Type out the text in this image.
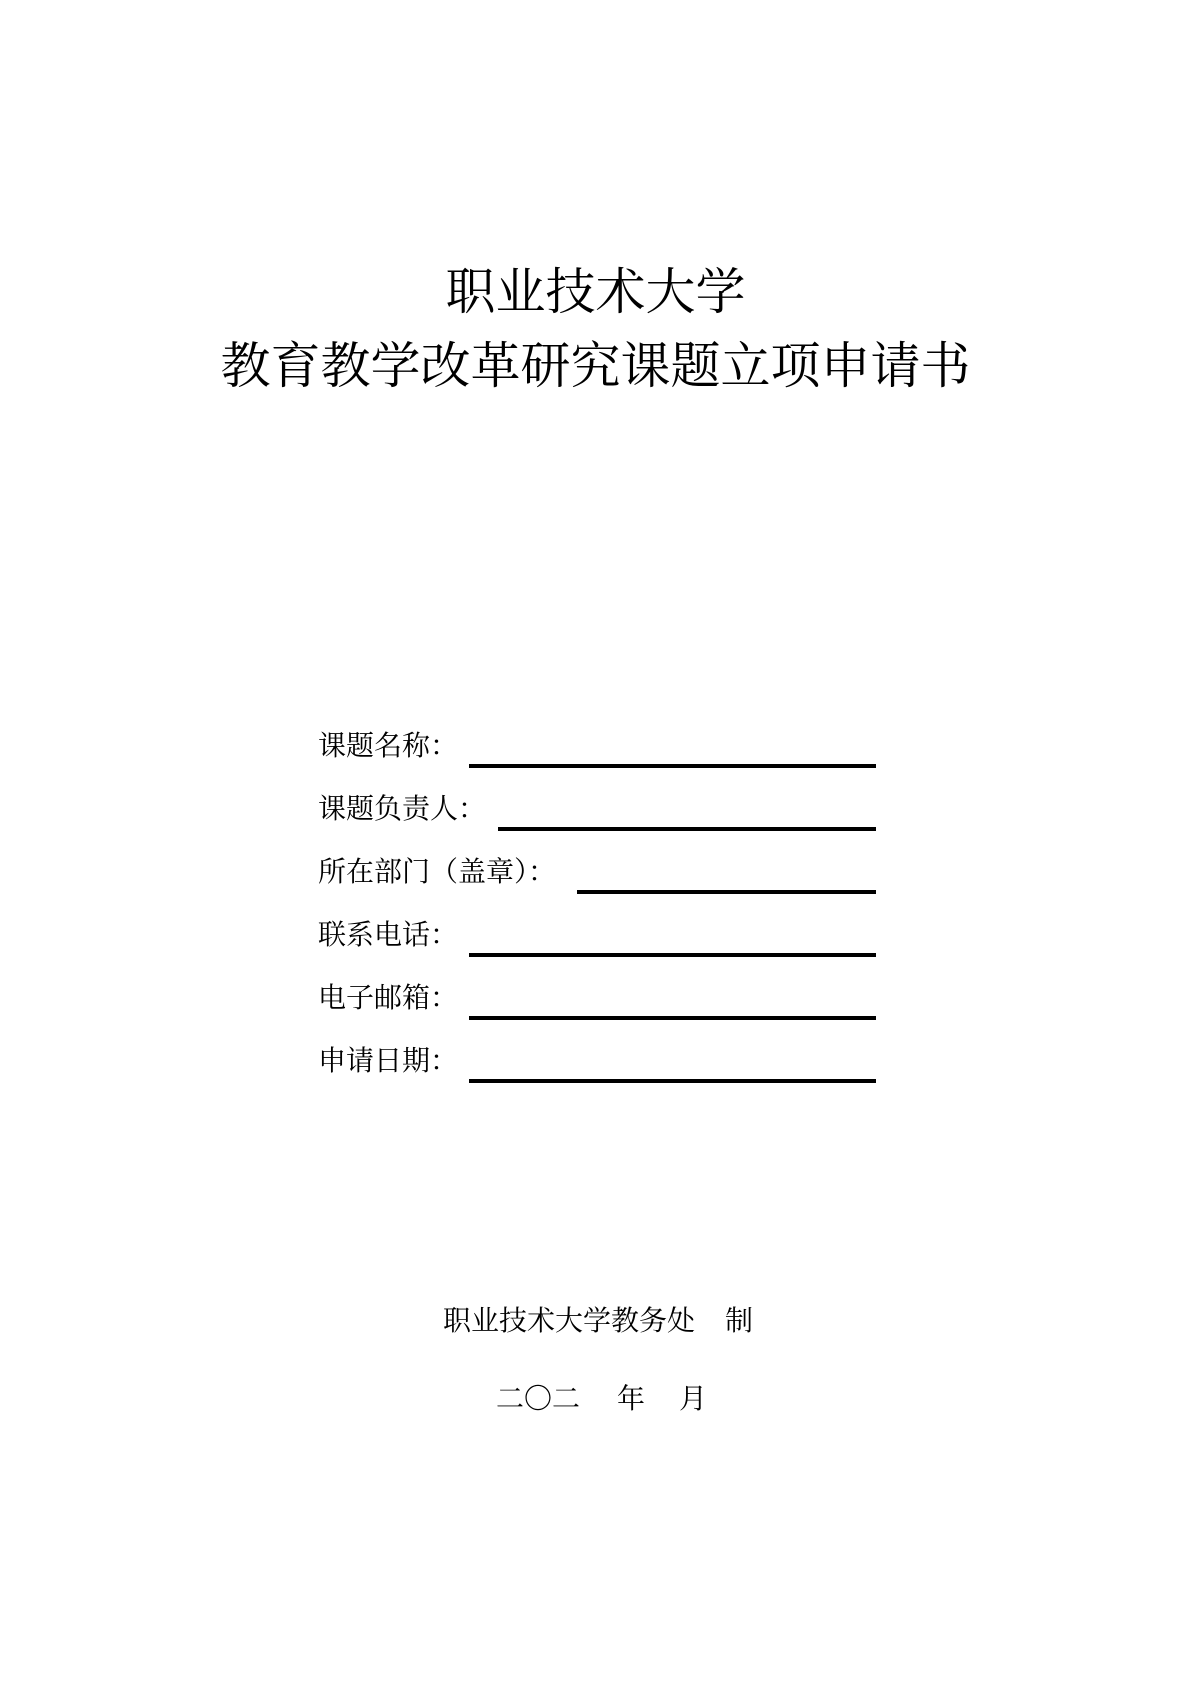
职业技术大学
教育教学改革研究课题立项申请书
课题名称：
课题负责人：
所在部门（盖章）：
联系电话：
电子邮箱：
申请日期：
职业技术大学教务处 制
二〇二 年 月
